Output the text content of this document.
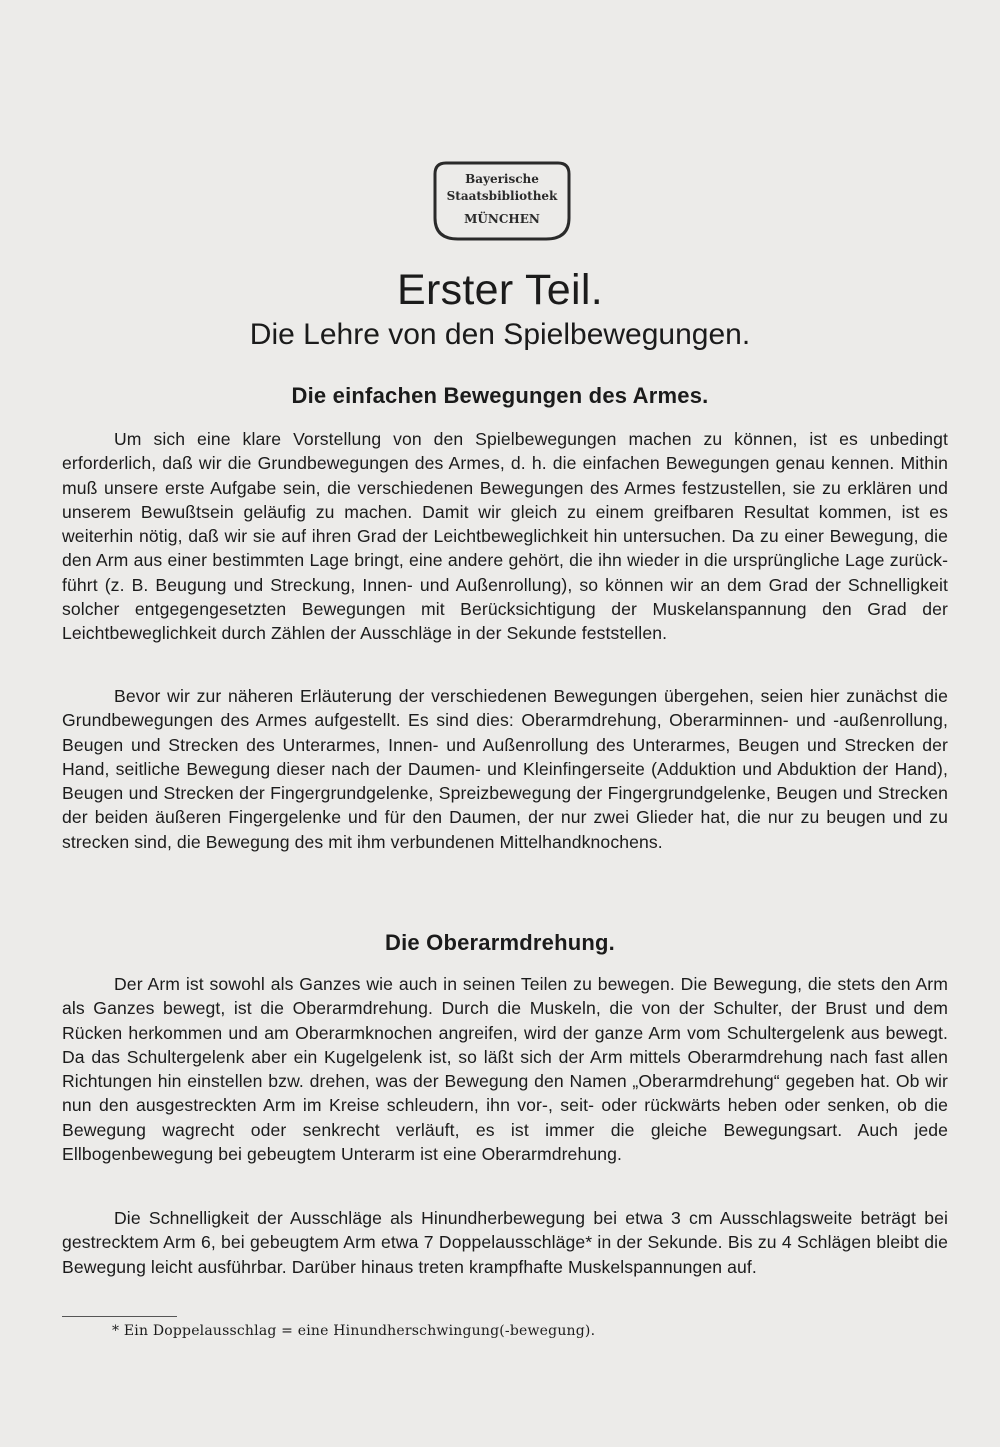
Bayerische
Staatsbibliothek
MÜNCHEN
Erster Teil.
Die Lehre von den Spielbewegungen.
Die einfachen Bewegungen des Armes.

Um sich eine klare Vorstellung von den Spielbewegungen machen zu können, ist es unbedingt erforderlich, daß wir die Grundbewegungen des Armes, d. h. die einfachen Bewegungen genau kennen. Mithin muß unsere erste Aufgabe sein, die verschiedenen Bewegungen des Armes festzustellen, sie zu erklären und unserem Bewußtsein geläufig zu machen. Damit wir gleich zu einem greifbaren Resultat kommen, ist es weiterhin nötig, daß wir sie auf ihren Grad der Leichtbeweglichkeit hin untersuchen. Da zu einer Bewegung, die den Arm aus einer bestimmten Lage bringt, eine andere gehört, die ihn wieder in die ursprüngliche Lage zurückführt (z. B. Beugung und Streckung, Innen- und Außenrollung), so können wir an dem Grad der Schnelligkeit solcher entgegengesetzten Bewegungen mit Berücksichtigung der Muskelanspannung den Grad der Leichtbeweglichkeit durch Zählen der Ausschläge in der Sekunde feststellen.

Bevor wir zur näheren Erläuterung der verschiedenen Bewegungen übergehen, seien hier zunächst die Grundbewegungen des Armes aufgestellt. Es sind dies: Oberarmdrehung, Oberarminnen- und -außenrollung, Beugen und Strecken des Unterarmes, Innen- und Außenrollung des Unterarmes, Beugen und Strecken der Hand, seitliche Bewegung dieser nach der Daumen- und Kleinfingerseite (Adduktion und Abduktion der Hand), Beugen und Strecken der Fingergrundgelenke, Spreizbewegung der Fingergrundgelenke, Beugen und Strecken der beiden äußeren Fingergelenke und für den Daumen, der nur zwei Glieder hat, die nur zu beugen und zu strecken sind, die Bewegung des mit ihm verbundenen Mittelhandknochens.

Die Oberarmdrehung.

Der Arm ist sowohl als Ganzes wie auch in seinen Teilen zu bewegen. Die Bewegung, die stets den Arm als Ganzes bewegt, ist die Oberarmdrehung. Durch die Muskeln, die von der Schulter, der Brust und dem Rücken herkommen und am Oberarmknochen angreifen, wird der ganze Arm vom Schultergelenk aus bewegt. Da das Schultergelenk aber ein Kugelgelenk ist, so läßt sich der Arm mittels Oberarmdrehung nach fast allen Richtungen hin einstellen bzw. drehen, was der Bewegung den Namen „Oberarmdrehung“ gegeben hat. Ob wir nun den ausgestreckten Arm im Kreise schleudern, ihn vor-, seit- oder rückwärts heben oder senken, ob die Bewegung wagrecht oder senkrecht verläuft, es ist immer die gleiche Bewegungsart. Auch jede Ellbogenbewegung bei gebeugtem Unterarm ist eine Oberarmdrehung.

Die Schnelligkeit der Ausschläge als Hinundherbewegung bei etwa 3 cm Ausschlagsweite beträgt bei gestrecktem Arm 6, bei gebeugtem Arm etwa 7 Doppelausschläge* in der Sekunde. Bis zu 4 Schlägen bleibt die Bewegung leicht ausführbar. Darüber hinaus treten krampfhafte Muskelspannungen auf.

* Ein Doppelausschlag = eine Hinundherschwingung(-bewegung).
